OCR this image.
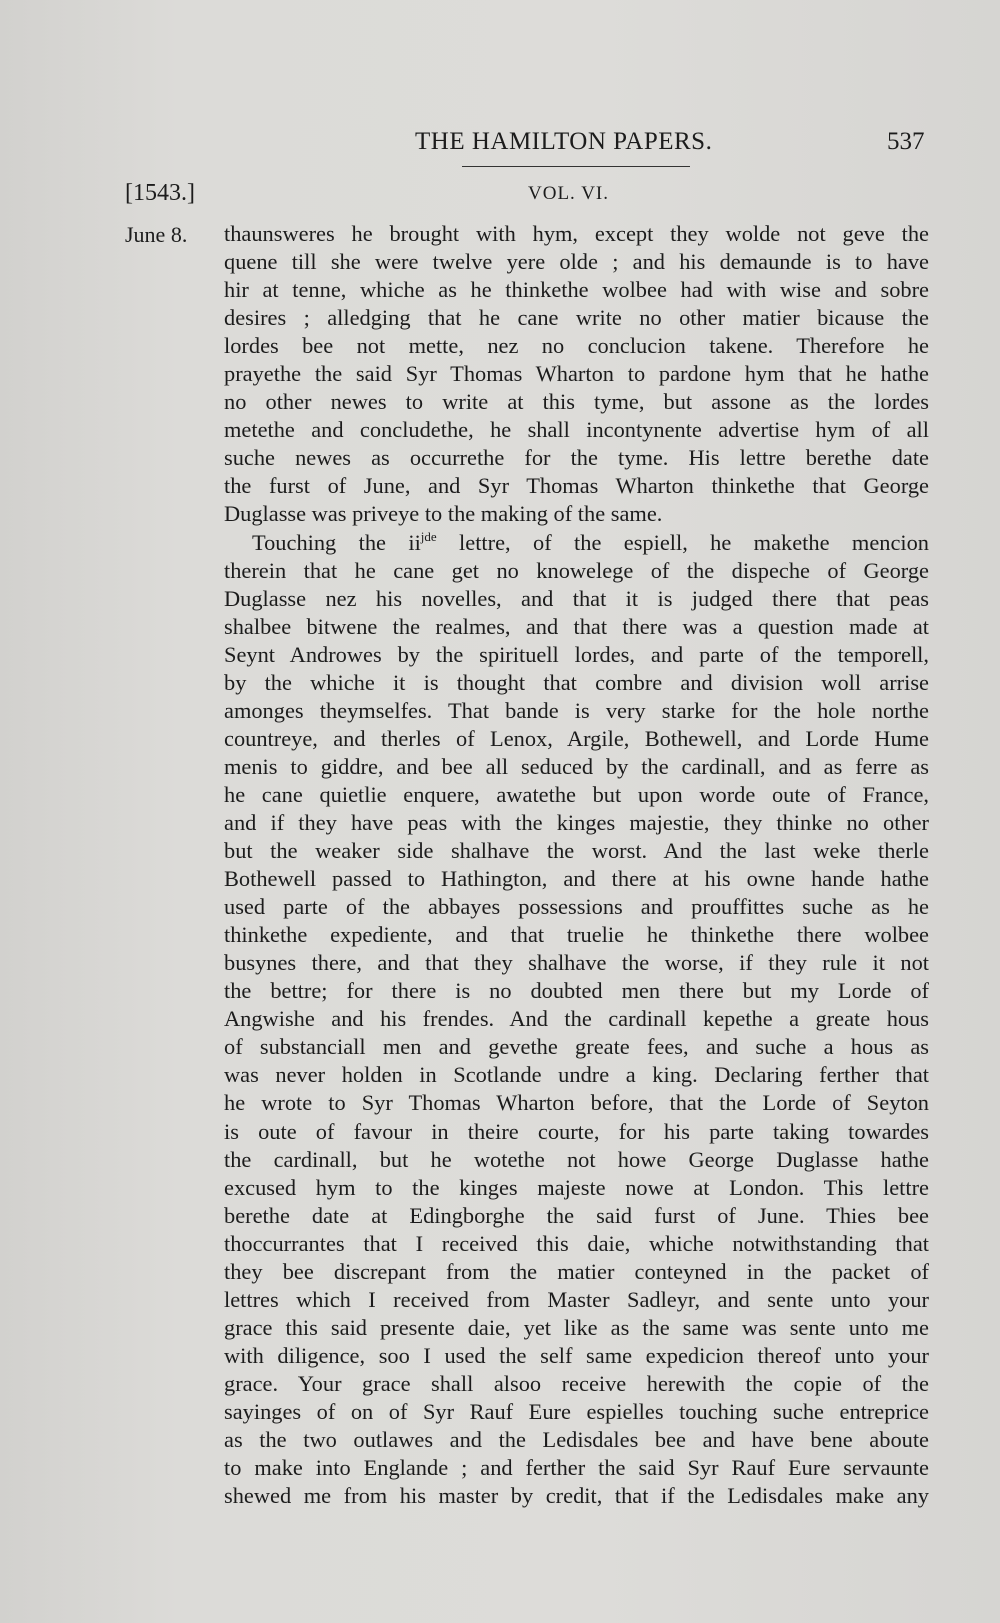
THE HAMILTON PAPERS.	537
[1543.]	VOL. VI.
June 8. thaunsweres he brought with hym, except they wolde not geve the
quene till she were twelve yere olde ; and his demaunde is to have
hir at tenne, whiche as he thinkethe wolbee had with wise and sobre
desires ; alledging that he cane write no other matier bicause the
lordes bee not mette, nez no conclucion takene. Therefore he
prayethe the said Syr Thomas Wharton to pardone hym that he hathe
no other newes to write at this tyme, but assone as the lordes
metethe and concludethe, he shall incontynente advertise hym of all
suche newes as occurrethe for the tyme. His lettre berethe date
the furst of June, and Syr Thomas Wharton thinkethe that George
Duglasse was priveye to the making of the same.
Touching the $ii^{jde}$ lettre, of the espiell, he makethe mencion
therein that he cane get no knowelege of the dispeche of George
Duglasse nez his novelles, and that it is judged there that peas
shalbee bitwene the realmes, and that there was a question made at
Seynt Androwes by the spirituell lordes, and parte of the temporell,
by the whiche it is thought that combre and division woll arrise
amonges theymselfes. That bande is very starke for the hole northe
countreye, and therles of Lenox, Argile, Bothewell, and Lorde Hume
menis to giddre, and bee all seduced by the cardinall, and as ferre as
he cane quietlie enquere, awatethe but upon worde oute of France,
and if they have peas with the kinges majestie, they thinke no other
but the weaker side shalhave the worst. And the last weke therle
Bothewell passed to Hathington, and there at his owne hande hathe
used parte of the abbayes possessions and prouffittes suche as he
thinkethe expediente, and that truelie he thinkethe there wolbee
busynes there, and that they shalhave the worse, if they rule it not
the bettre; for there is no doubted men there but my Lorde of
Angwishe and his frendes. And the cardinall kepethe a greate hous
of substanciall men and gevethe greate fees, and suche a hous as
was never holden in Scotlande undre a king. Declaring ferther that
he wrote to Syr Thomas Wharton before, that the Lorde of Seyton
is oute of favour in theire courte, for his parte taking towardes
the cardinall, but he wotethe not howe George Duglasse hathe
excused hym to the kinges majeste nowe at London. This lettre
berethe date at Edingborghe the said furst of June. Thies bee
thoccurrantes that I received this daie, whiche notwithstanding that
they bee discrepant from the matier conteyned in the packet of
lettres which I received from Master Sadleyr, and sente unto your
grace this said presente daie, yet like as the same was sente unto me
with diligence, soo I used the self same expedicion thereof unto your
grace. Your grace shall alsoo receive herewith the copie of the
sayinges of on of Syr Rauf Eure espielles touching suche entreprice
as the two outlawes and the Ledisdales bee and have bene aboute
to make into Englande ; and ferther the said Syr Rauf Eure servaunte
shewed me from his master by credit, that if the Ledisdales make any
